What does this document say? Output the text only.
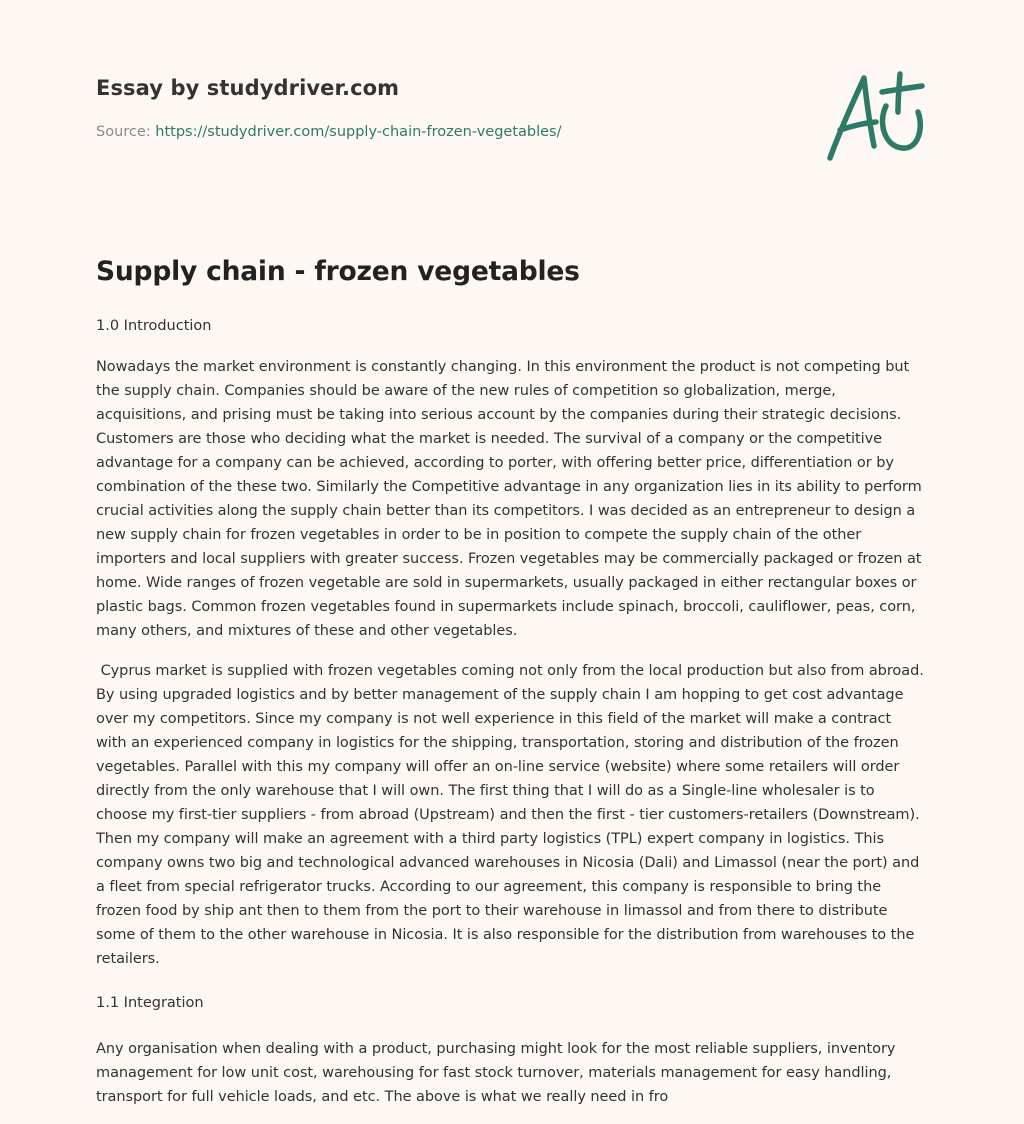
Essay by studydriver.com

Source: https://studydriver.com/supply-chain-frozen-vegetables/

Supply chain - frozen vegetables

1.0 Introduction

Nowadays the market environment is constantly changing. In this environment the product is not competing but the supply chain. Companies should be aware of the new rules of competition so globalization, merge, acquisitions, and prising must be taking into serious account by the companies during their strategic decisions. Customers are those who deciding what the market is needed. The survival of a company or the competitive advantage for a company can be achieved, according to porter, with offering better price, differentiation or by combination of the these two. Similarly the Competitive advantage in any organization lies in its ability to perform crucial activities along the supply chain better than its competitors. I was decided as an entrepreneur to design a new supply chain for frozen vegetables in order to be in position to compete the supply chain of the other importers and local suppliers with greater success. Frozen vegetables may be commercially packaged or frozen at home. Wide ranges of frozen vegetable are sold in supermarkets, usually packaged in either rectangular boxes or plastic bags. Common frozen vegetables found in supermarkets include spinach, broccoli, cauliflower, peas, corn, many others, and mixtures of these and other vegetables.

Cyprus market is supplied with frozen vegetables coming not only from the local production but also from abroad. By using upgraded logistics and by better management of the supply chain I am hopping to get cost advantage over my competitors. Since my company is not well experience in this field of the market will make a contract with an experienced company in logistics for the shipping, transportation, storing and distribution of the frozen vegetables. Parallel with this my company will offer an on-line service (website) where some retailers will order directly from the only warehouse that I will own. The first thing that I will do as a Single-line wholesaler is to choose my first-tier suppliers - from abroad (Upstream) and then the first - tier customers-retailers (Downstream). Then my company will make an agreement with a third party logistics (TPL) expert company in logistics. This company owns two big and technological advanced warehouses in Nicosia (Dali) and Limassol (near the port) and a fleet from special refrigerator trucks. According to our agreement, this company is responsible to bring the frozen food by ship ant then to them from the port to their warehouse in limassol and from there to distribute some of them to the other warehouse in Nicosia. It is also responsible for the distribution from warehouses to the retailers.

1.1 Integration

Any organisation when dealing with a product, purchasing might look for the most reliable suppliers, inventory management for low unit cost, warehousing for fast stock turnover, materials management for easy handling, transport for full vehicle loads, and etc. The above is what we really need in fro
